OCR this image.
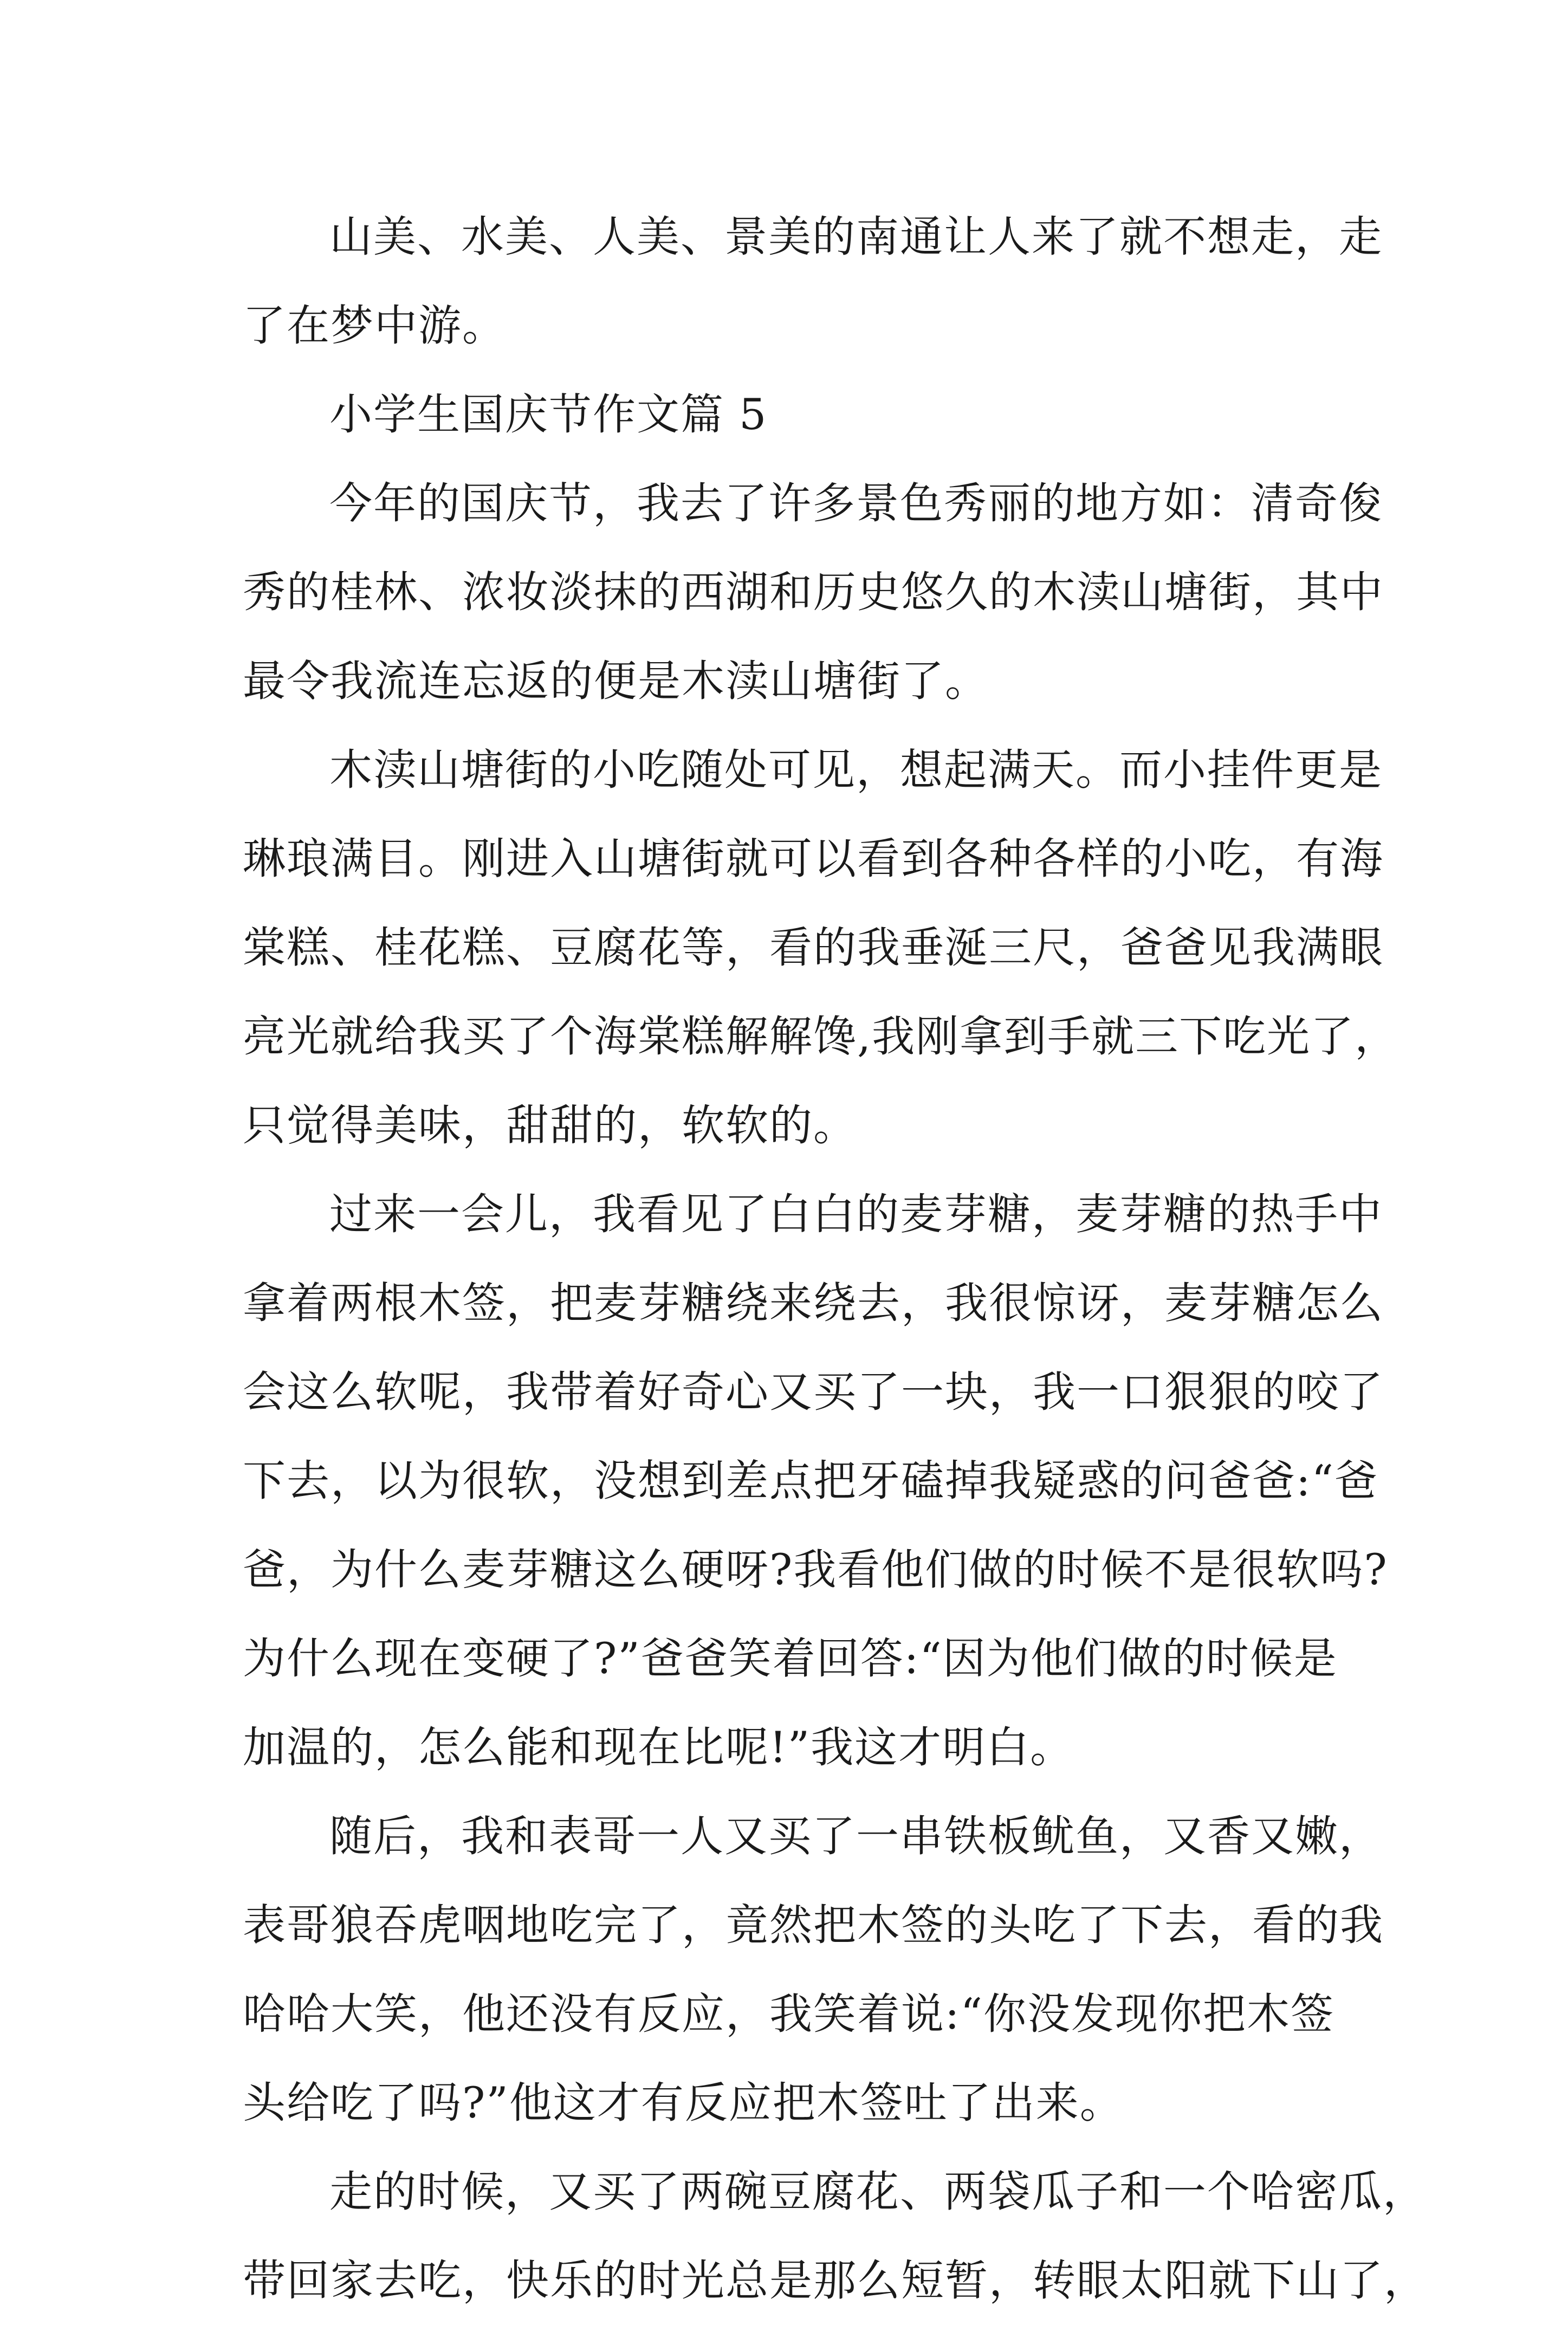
山美、水美、人美、景美的南通让人来了就不想走，走
了在梦中游。
小学生国庆节作文篇 5
今年的国庆节，我去了许多景色秀丽的地方如：清奇俊
秀的桂林、浓妆淡抹的西湖和历史悠久的木渎山塘街，其中
最令我流连忘返的便是木渎山塘街了。
木渎山塘街的小吃随处可见，想起满天。而小挂件更是
琳琅满目。刚进入山塘街就可以看到各种各样的小吃，有海
棠糕、桂花糕、豆腐花等，看的我垂涎三尺，爸爸见我满眼
亮光就给我买了个海棠糕解解馋,我刚拿到手就三下吃光了，
只觉得美味，甜甜的，软软的。
过来一会儿，我看见了白白的麦芽糖，麦芽糖的热手中
拿着两根木签，把麦芽糖绕来绕去，我很惊讶，麦芽糖怎么
会这么软呢，我带着好奇心又买了一块，我一口狠狠的咬了
下去，以为很软，没想到差点把牙磕掉我疑惑的问爸爸:“爸
爸，为什么麦芽糖这么硬呀?我看他们做的时候不是很软吗?
为什么现在变硬了?”爸爸笑着回答:“因为他们做的时候是
加温的，怎么能和现在比呢!”我这才明白。
随后，我和表哥一人又买了一串铁板鱿鱼，又香又嫩，
表哥狼吞虎咽地吃完了，竟然把木签的头吃了下去，看的我
哈哈大笑，他还没有反应，我笑着说:“你没发现你把木签
头给吃了吗?”他这才有反应把木签吐了出来。
走的时候，又买了两碗豆腐花、两袋瓜子和一个哈密瓜，
带回家去吃，快乐的时光总是那么短暂，转眼太阳就下山了，
